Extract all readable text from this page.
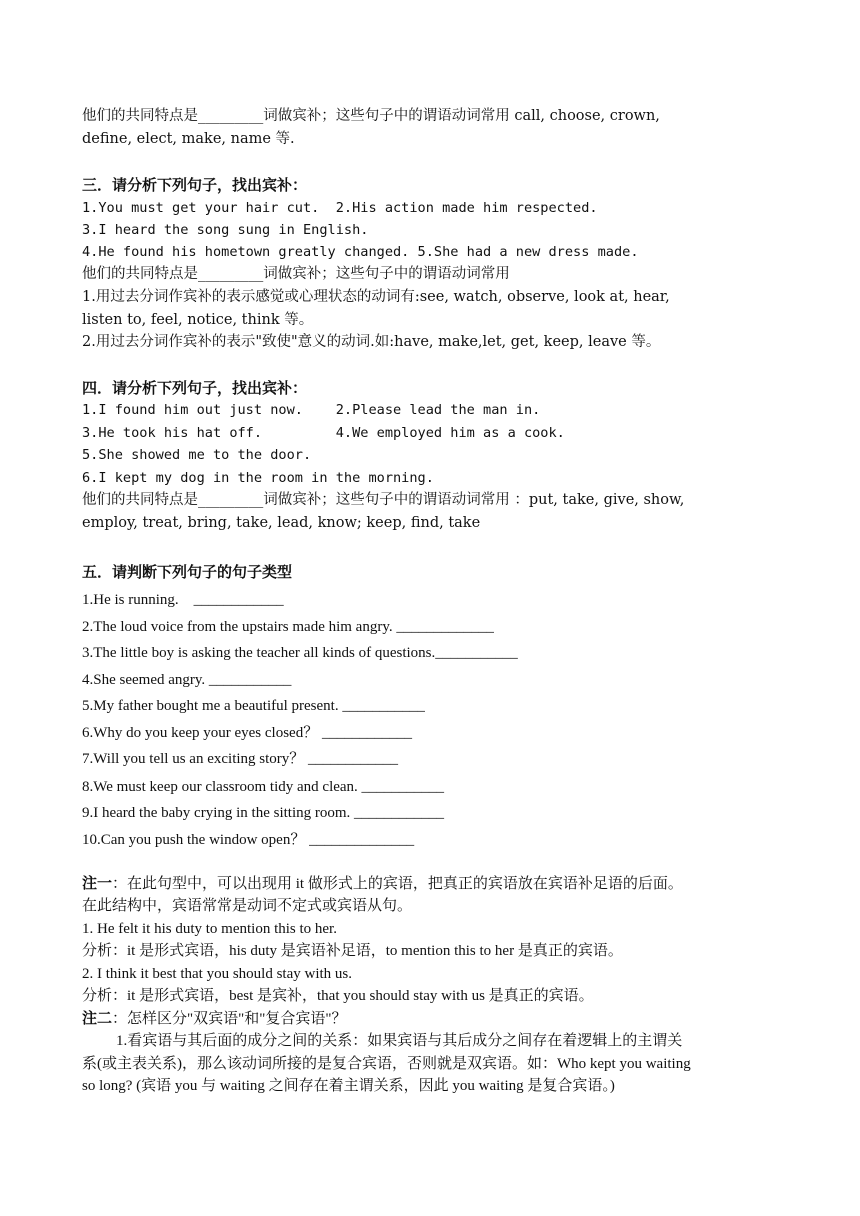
他们的共同特点是_________词做宾补；这些句子中的谓语动词常用 call, choose, crown,
define, elect, make, name 等.
三．请分析下列句子，找出宾补：
1.You must get your hair cut.  2.His action made him respected.
3.I heard the song sung in English.
4.He found his hometown greatly changed. 5.She had a new dress made.
他们的共同特点是_________词做宾补；这些句子中的谓语动词常用
1.用过去分词作宾补的表示感觉或心理状态的动词有:see, watch, observe, look at, hear,
listen to, feel, notice, think 等。
2.用过去分词作宾补的表示"致使"意义的动词.如:have, make,let, get, keep, leave 等。
四．请分析下列句子，找出宾补：
1.I found him out just now.    2.Please lead the man in.
3.He took his hat off.         4.We employed him as a cook.
5.She showed me to the door.
6.I kept my dog in the room in the morning.
他们的共同特点是_________词做宾补；这些句子中的谓语动词常用 ：put, take, give, show,
employ, treat, bring, take, lead, know; keep, find, take
五．请判断下列句子的句子类型
1.He is running.    ____________
2.The loud voice from the upstairs made him angry. _____________
3.The little boy is asking the teacher all kinds of questions.___________
4.She seemed angry. ___________
5.My father bought me a beautiful present. ___________
6.Why do you keep your eyes closed？ ____________
7.Will you tell us an exciting story？ ____________
8.We must keep our classroom tidy and clean. ___________
9.I heard the baby crying in the sitting room. ____________
10.Can you push the window open？ ______________
注一：在此句型中，可以出现用 it 做形式上的宾语，把真正的宾语放在宾语补足语的后面。
在此结构中，宾语常常是动词不定式或宾语从句。
1. He felt it his duty to mention this to her.
分析：it 是形式宾语，his duty 是宾语补足语，to mention this to her 是真正的宾语。
2. I think it best that you should stay with us.
分析：it 是形式宾语，best 是宾补，that you should stay with us 是真正的宾语。
注二：怎样区分"双宾语"和"复合宾语"？
1.看宾语与其后面的成分之间的关系：如果宾语与其后成分之间存在着逻辑上的主谓关
系(或主表关系)，那么该动词所接的是复合宾语，否则就是双宾语。如：Who kept you waiting
so long? (宾语 you 与 waiting 之间存在着主谓关系，因此 you waiting 是复合宾语。)
